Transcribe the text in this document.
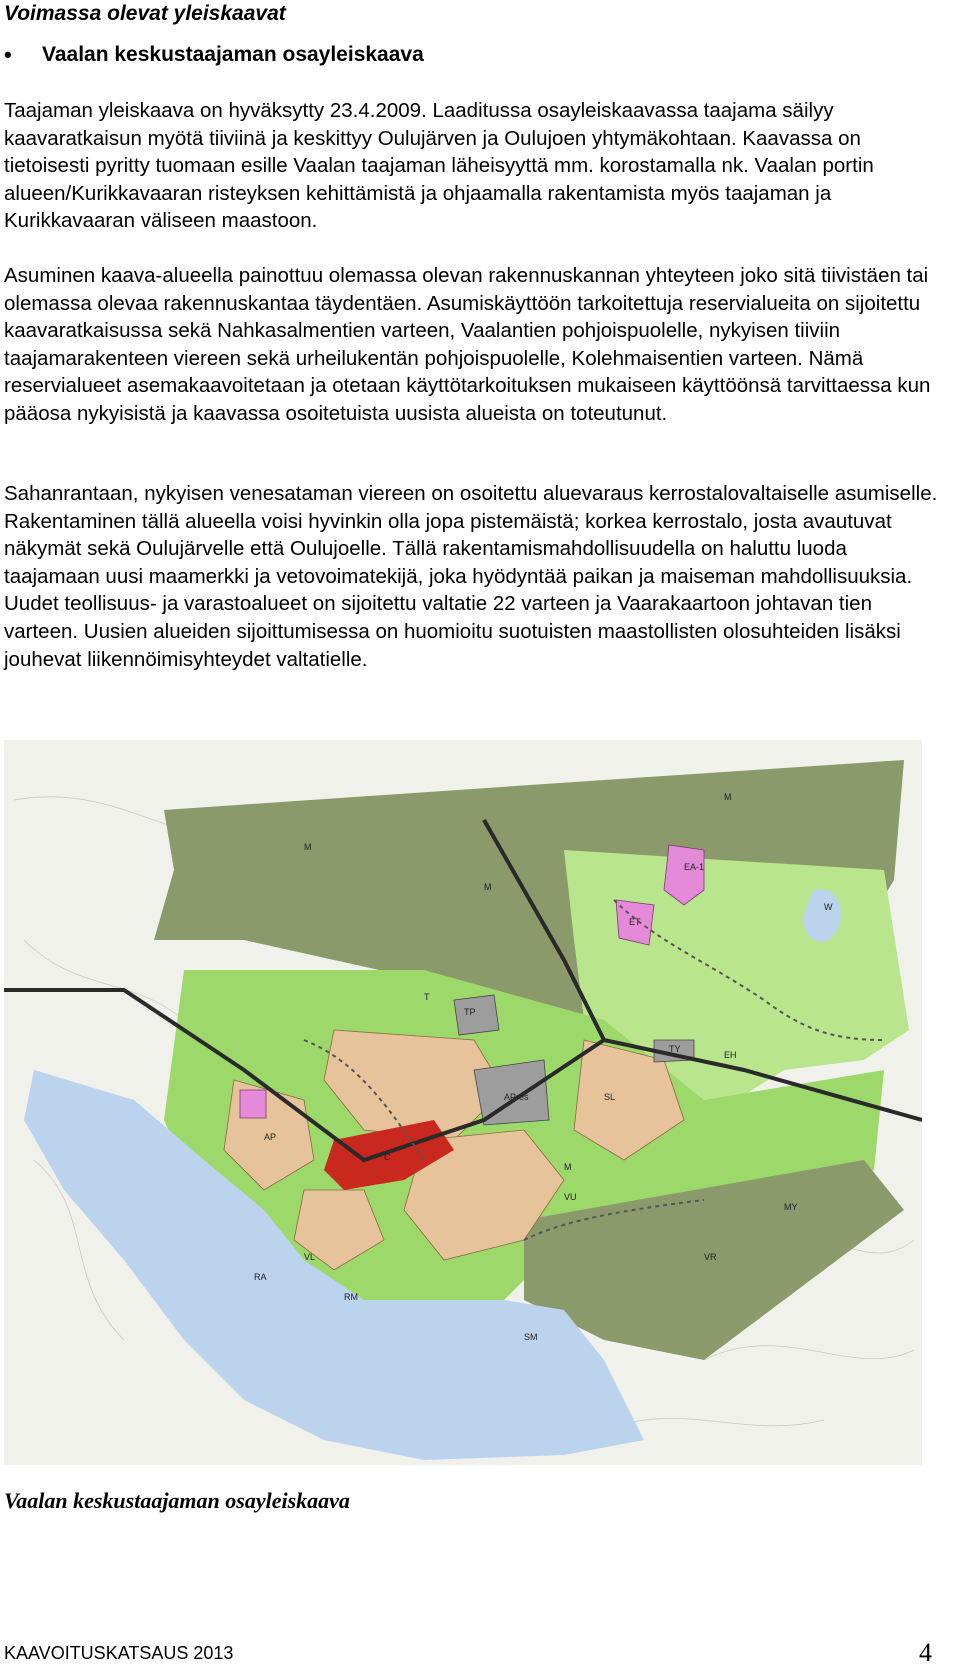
Voimassa olevat yleiskaavat
•	Vaalan keskustaajaman osayleiskaava

Taajaman yleiskaava on hyväksytty 23.4.2009. Laaditussa osayleiskaavassa taajama säilyy kaavaratkaisun myötä tiiviinä ja keskittyy Oulujärven ja Oulujoen yhtymäkohtaan. Kaavassa on tietoisesti pyritty tuomaan esille Vaalan taajaman läheisyyttä mm. korostamalla nk. Vaalan portin alueen/Kurikkavaaran risteyksen kehittämistä ja ohjaamalla rakentamista myös taajaman ja Kurikkavaaran väliseen maastoon.

Asuminen kaava-alueella painottuu olemassa olevan rakennuskannan yhteyteen joko sitä tiivistäen tai olemassa olevaa rakennuskantaa täydentäen. Asumiskäyttöön tarkoitettuja reservialueita on sijoitettu kaavaratkaisussa sekä Nahkasalmentien varteen, Vaalantien pohjoispuolelle, nykyisen tiiviin taajamarakenteen viereen sekä urheilukentän pohjoispuolelle, Kolehmaisentien varteen. Nämä reservialueet asemakaavoitetaan ja otetaan käyttötarkoituksen mukaiseen käyttöönsä tarvittaessa kun pääosa nykyisistä ja kaavassa osoitetuista uusista alueista on toteutunut.

Sahanrantaan, nykyisen venesataman viereen on osoitettu aluevaraus kerrostalovaltaiselle asumiselle. Rakentaminen tällä alueella voisi hyvinkin olla jopa pistemäistä; korkea kerrostalo, josta avautuvat näkymät sekä Oulujärvelle että Oulujoelle. Tällä rakentamismahdollisuudella on haluttu luoda taajamaan uusi maamerkki ja vetovoimatekijä, joka hyödyntää paikan ja maiseman mahdollisuuksia. Uudet teollisuus- ja varastoalueet on sijoitettu valtatie 22 varteen ja Vaarakaartoon johtavan tien varteen. Uusien alueiden sijoittumisessa on huomioitu suotuisten maastollisten olosuhteiden lisäksi jouhevat liikennöimisyhteydet valtatielle.

M
M
M
M
W
EA-1
ET
TY
EH
VL
AP
APres
C
T
TP
VU
VR
RM
RA
SL
MY
SM
Vaalan keskustaajaman osayleiskaava
KAAVOITUSKATSAUS 2013	4
